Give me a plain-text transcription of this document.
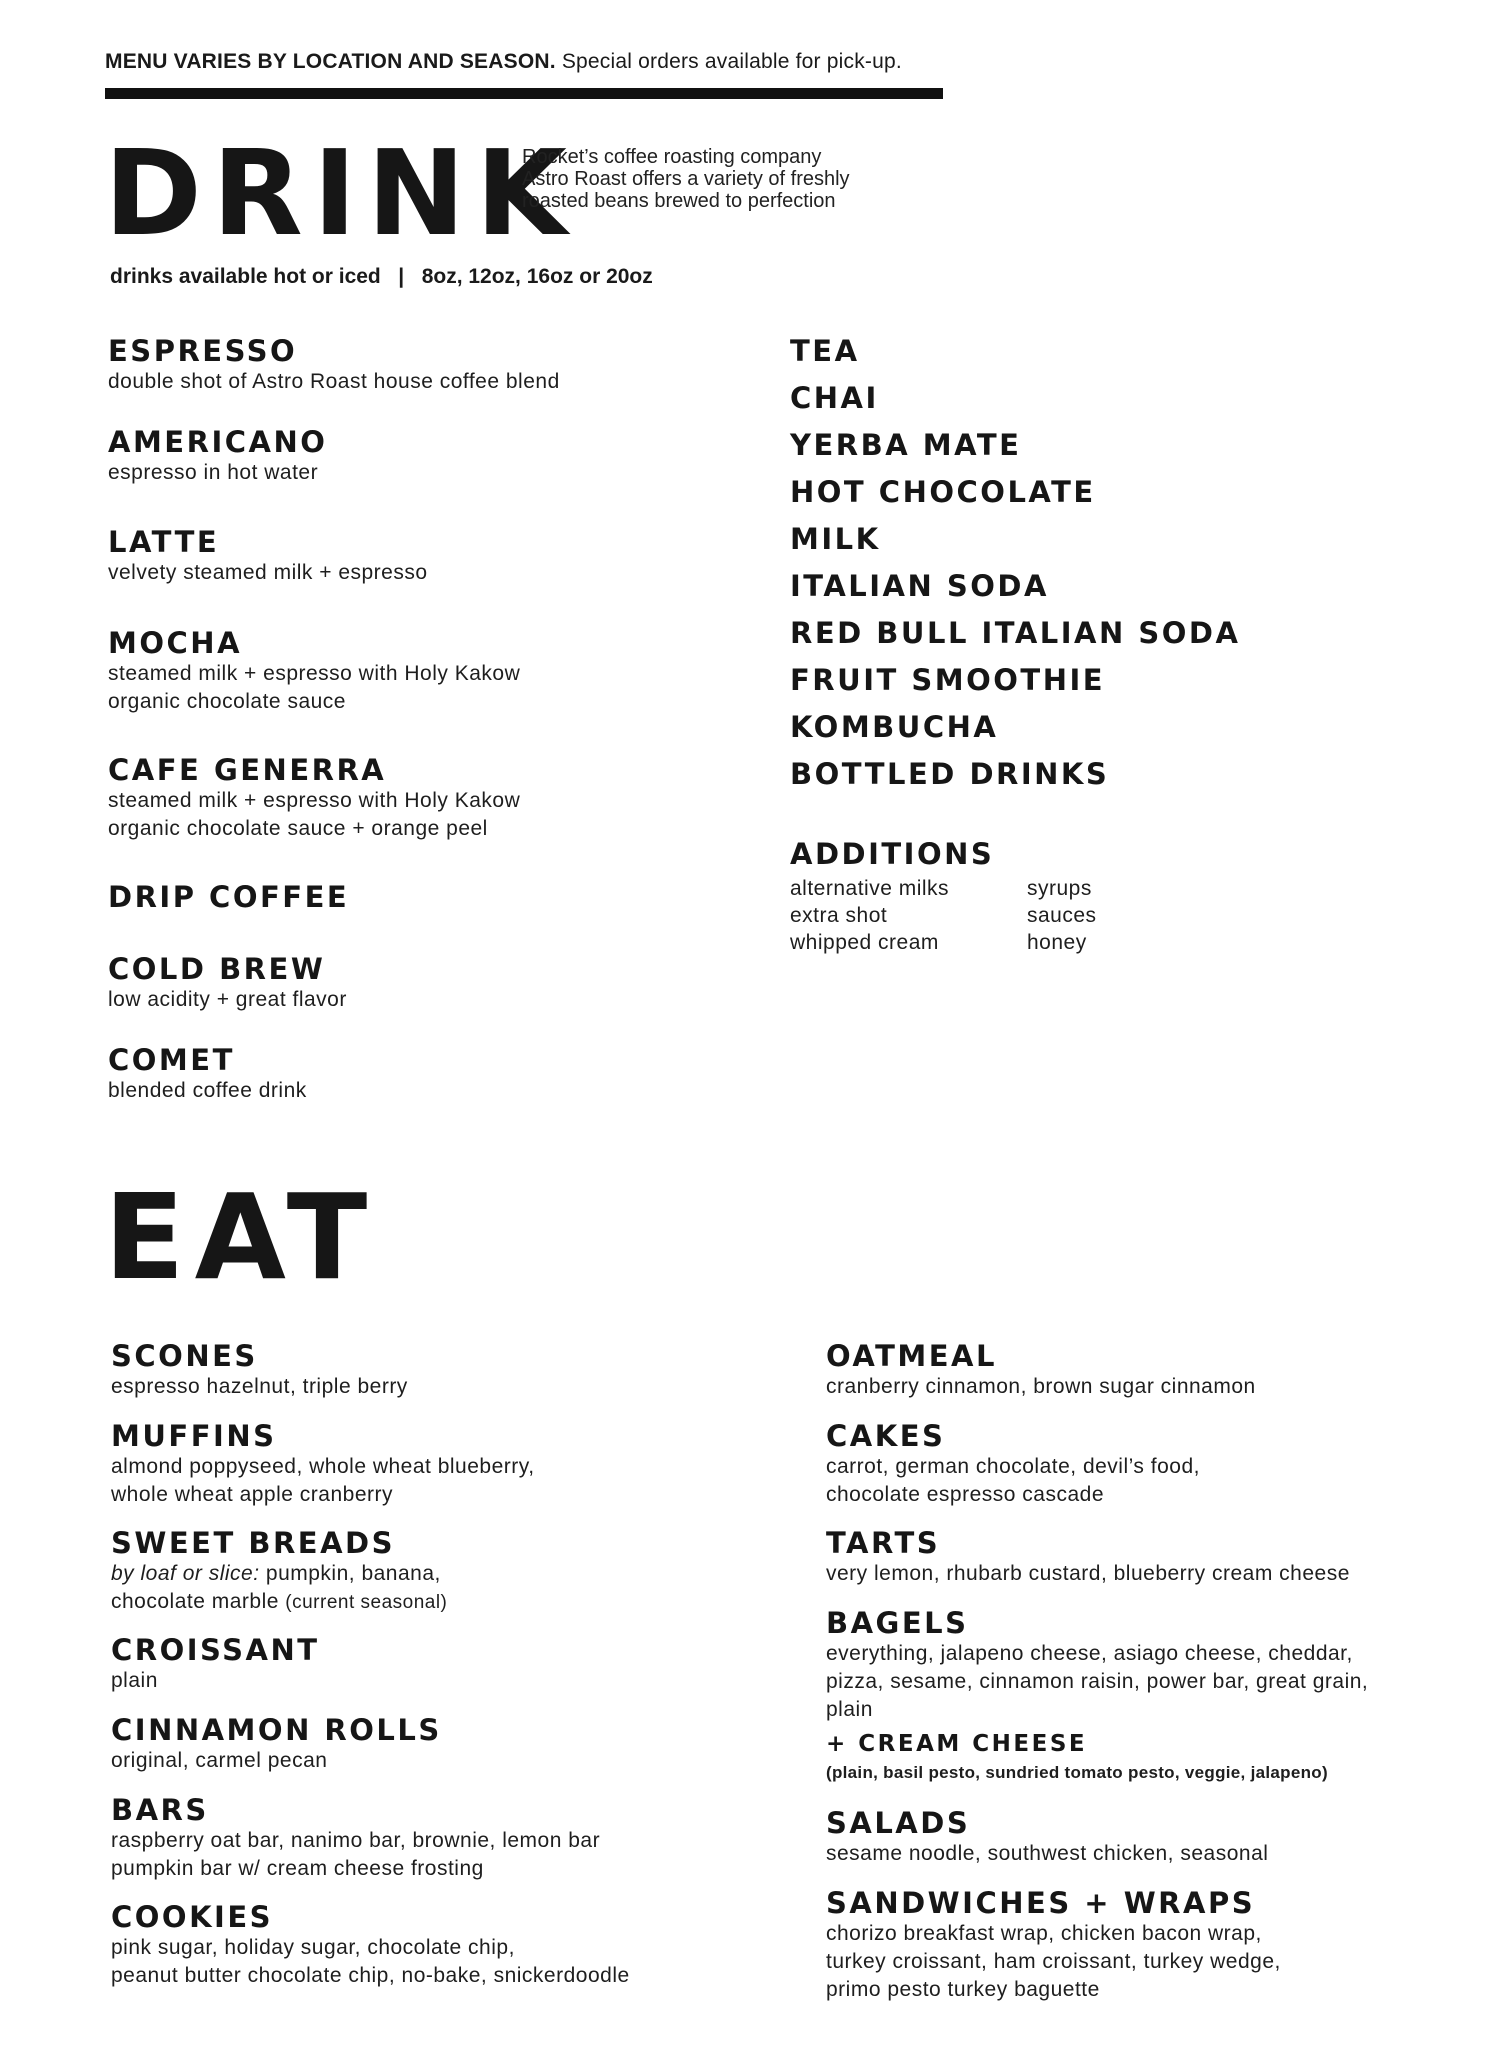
MENU VARIES BY LOCATION AND SEASON. Special orders available for pick-up.
DRINK
Rocket’s coffee roasting company Astro Roast offers a variety of freshly roasted beans brewed to perfection
drinks available hot or iced | 8oz, 12oz, 16oz or 20oz
ESPRESSO
double shot of Astro Roast house coffee blend
AMERICANO
espresso in hot water
LATTE
velvety steamed milk + espresso
MOCHA
steamed milk + espresso with Holy Kakow
organic chocolate sauce
CAFE GENERRA
steamed milk + espresso with Holy Kakow
organic chocolate sauce + orange peel
DRIP COFFEE
COLD BREW
low acidity + great flavor
COMET
blended coffee drink
TEA
CHAI
YERBA MATE
HOT CHOCOLATE
MILK
ITALIAN SODA
RED BULL ITALIAN SODA
FRUIT SMOOTHIE
KOMBUCHA
BOTTLED DRINKS
ADDITIONS
alternative milks
extra shot
whipped cream
syrups
sauces
honey
EAT
SCONES
espresso hazelnut, triple berry
MUFFINS
almond poppyseed, whole wheat blueberry,
whole wheat apple cranberry
SWEET BREADS
by loaf or slice: pumpkin, banana,
chocolate marble (current seasonal)
CROISSANT
plain
CINNAMON ROLLS
original, carmel pecan
BARS
raspberry oat bar, nanimo bar, brownie, lemon bar
pumpkin bar w/ cream cheese frosting
COOKIES
pink sugar, holiday sugar, chocolate chip,
peanut butter chocolate chip, no-bake, snickerdoodle
OATMEAL
cranberry cinnamon, brown sugar cinnamon
CAKES
carrot, german chocolate, devil’s food,
chocolate espresso cascade
TARTS
very lemon, rhubarb custard, blueberry cream cheese
BAGELS
everything, jalapeno cheese, asiago cheese, cheddar,
pizza, sesame, cinnamon raisin, power bar, great grain,
plain
+ CREAM CHEESE
(plain, basil pesto, sundried tomato pesto, veggie, jalapeno)
SALADS
sesame noodle, southwest chicken, seasonal
SANDWICHES + WRAPS
chorizo breakfast wrap, chicken bacon wrap,
turkey croissant, ham croissant, turkey wedge,
primo pesto turkey baguette
